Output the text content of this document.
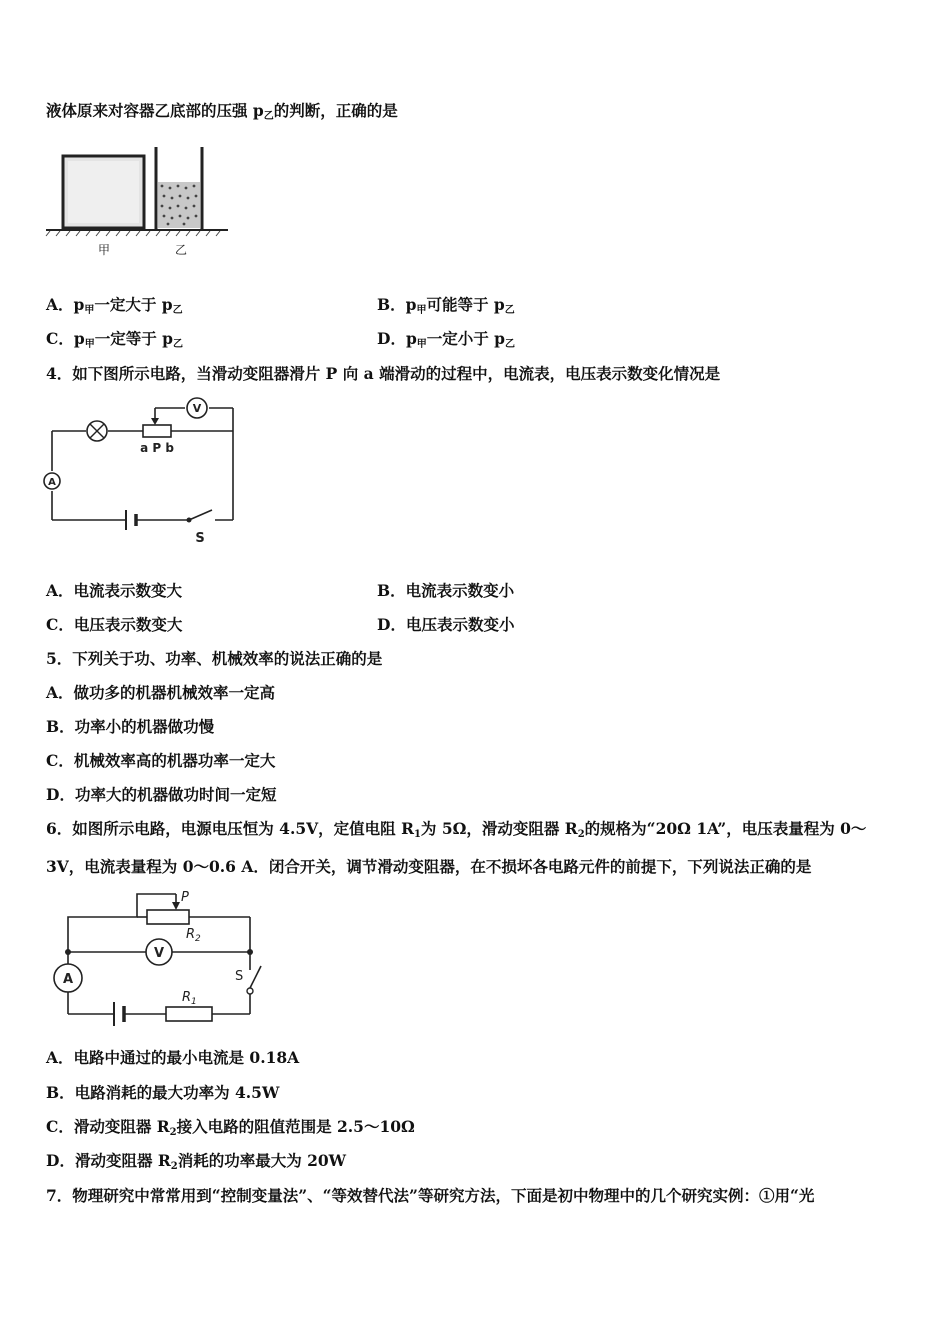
液体原来对容器乙底部的压强 $p_乙$的判断，正确的是
甲	乙
A．$p_甲$一定大于 $p_乙$	B．$p_甲$可能等于 $p_乙$
C．$p_甲$一定等于 $p_乙$	D．$p_甲$一定小于 $p_乙$
4．如下图所示电路，当滑动变阻器滑片 P 向 a 端滑动的过程中，电流表，电压表示数变化情况是
a P b
V
A
S
A．电流表示数变大	B．电流表示数变小
C．电压表示数变大	D．电压表示数变小
5．下列关于功、功率、机械效率的说法正确的是
A．做功多的机器机械效率一定高
B．功率小的机器做功慢
C．机械效率高的机器功率一定大
D．功率大的机器做功时间一定短
6．如图所示电路，电源电压恒为 4.5V，定值电阻 $R_1$为 5Ω，滑动变阻器 $R_2$的规格为“20Ω 1A”，电压表量程为 0～
3V，电流表量程为 0～0.6 A．闭合开关，调节滑动变阻器，在不损坏各电路元件的前提下，下列说法正确的是
P
$R_2$
V
A	S
$R_1$
A．电路中通过的最小电流是 0.18A
B．电路消耗的最大功率为 4.5W
C．滑动变阻器 $R_2$接入电路的阻值范围是 2.5～10Ω
D．滑动变阻器 $R_2$消耗的功率最大为 20W
7．物理研究中常常用到“控制变量法”、“等效替代法”等研究方法，下面是初中物理中的几个研究实例：①用“光
